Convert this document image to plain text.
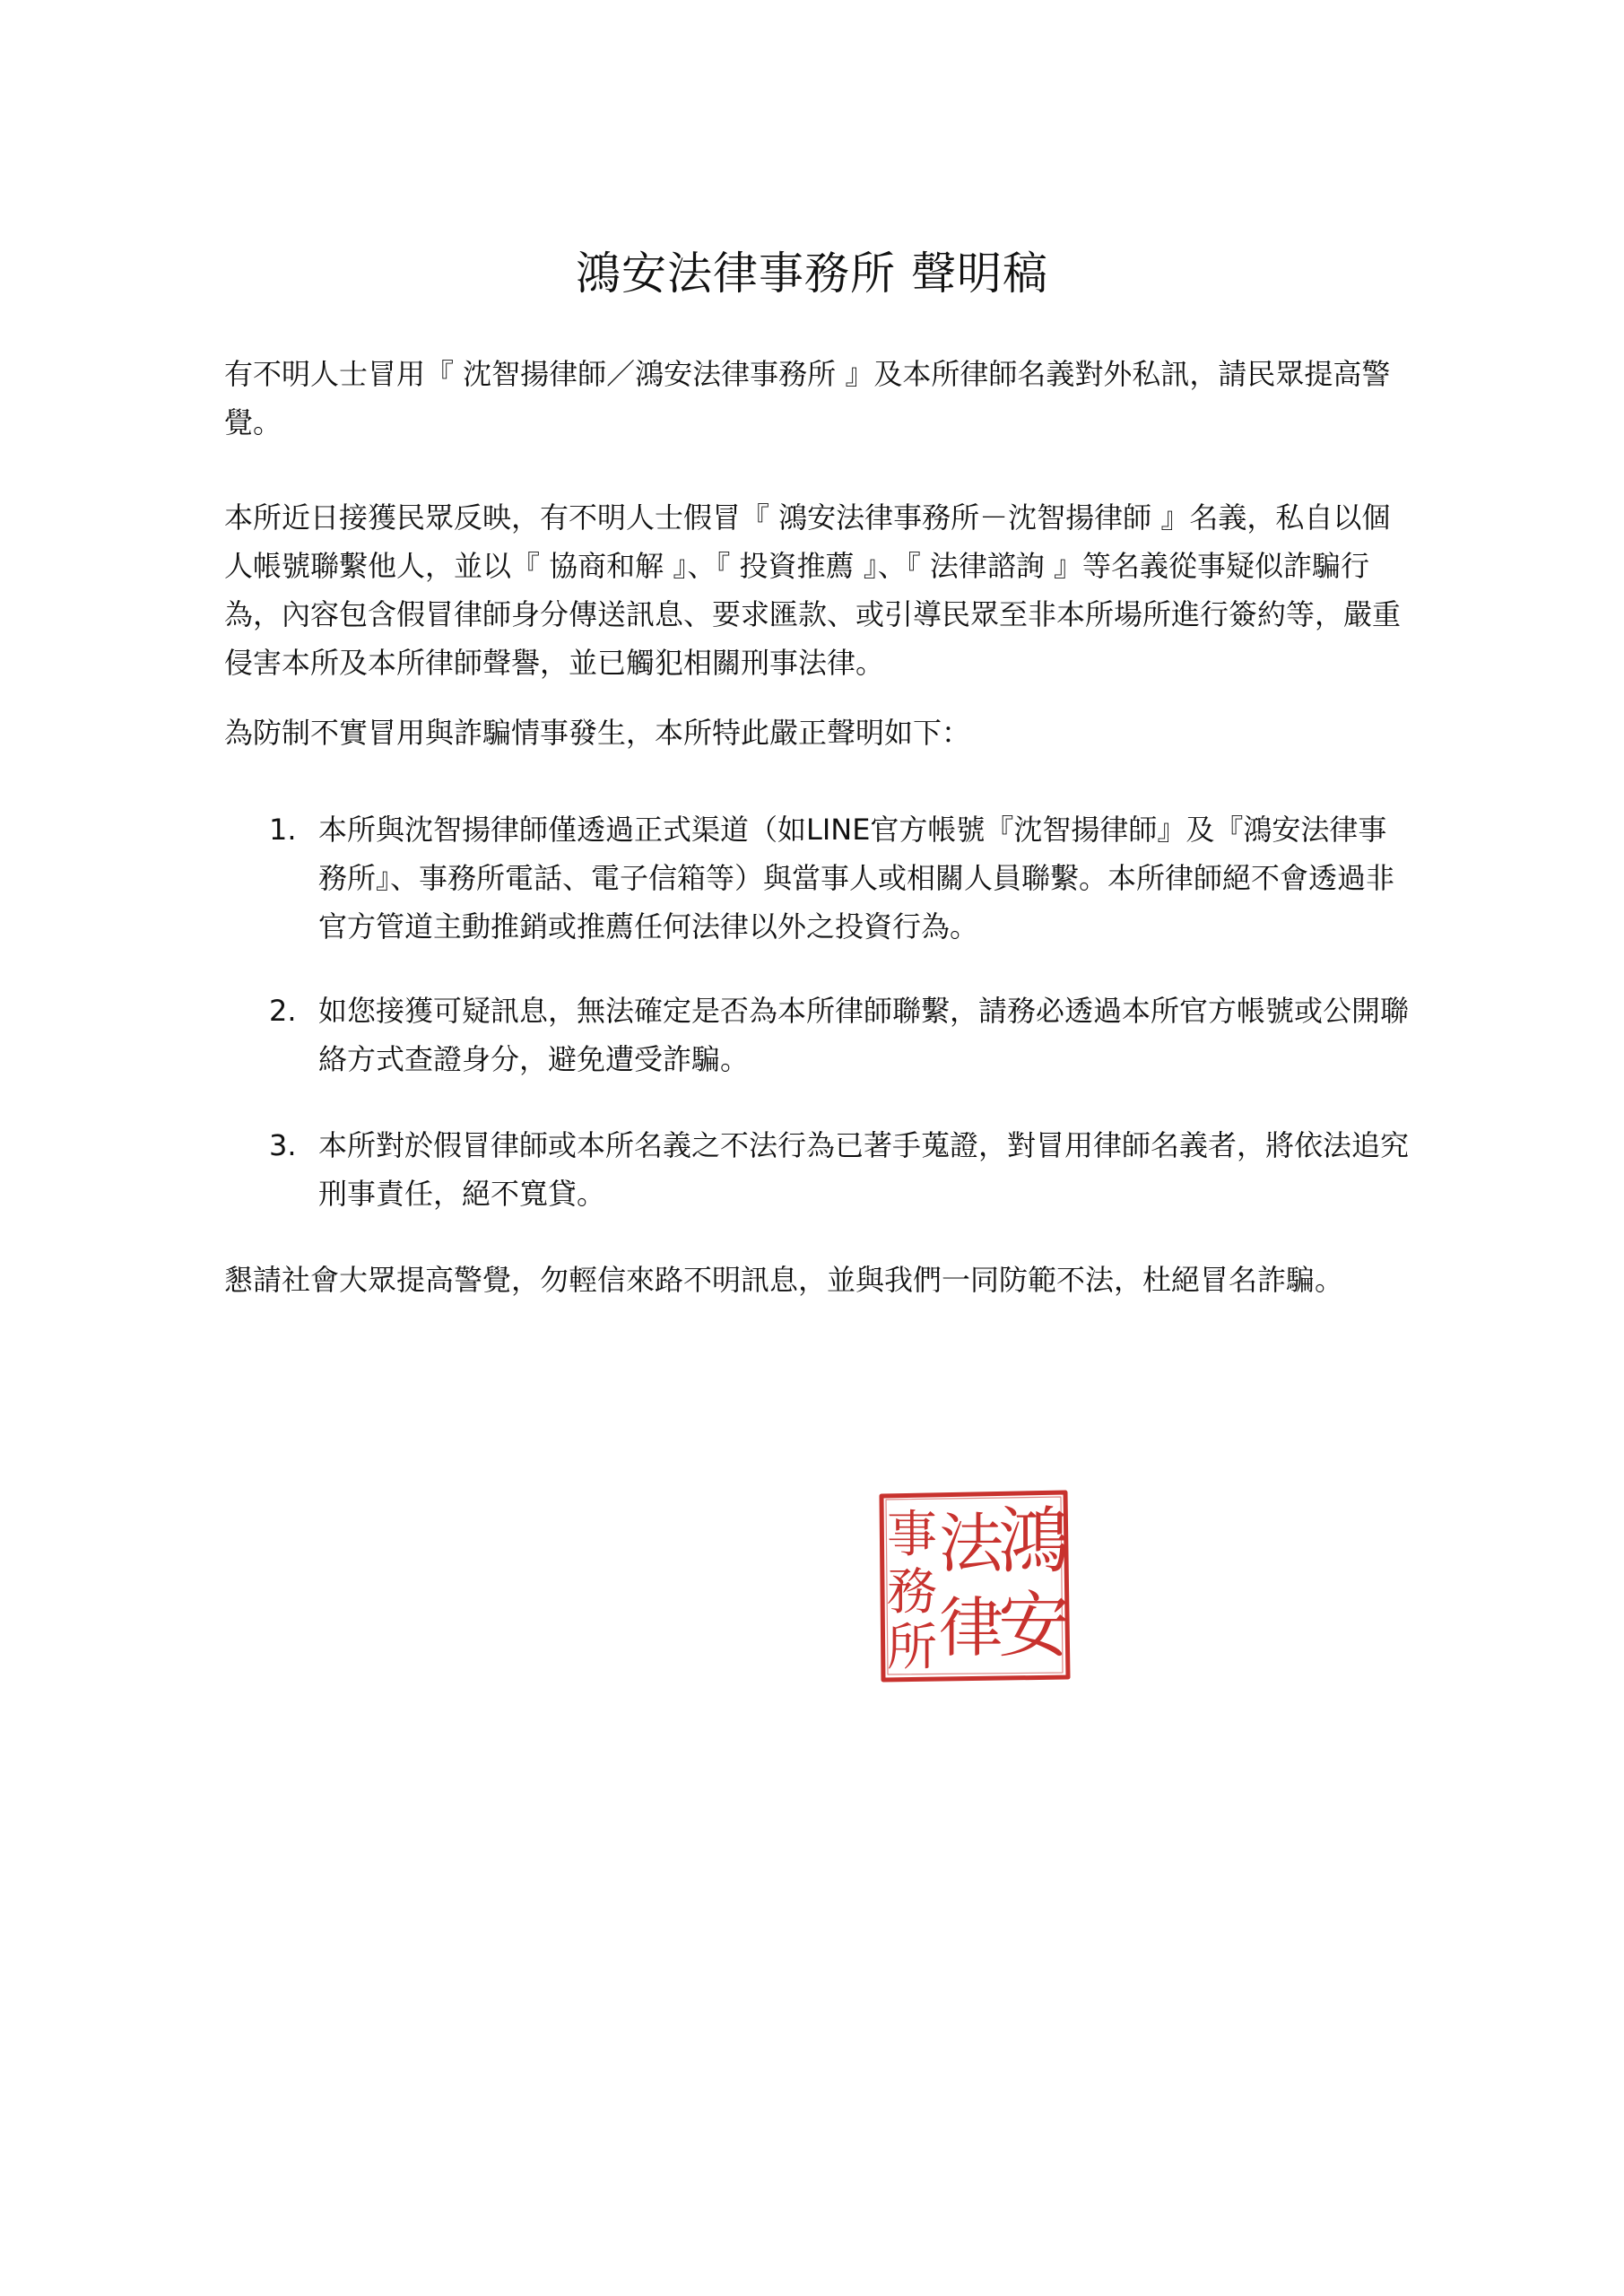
鴻安法律事務所 聲明稿

有不明人士冒用『 沈智揚律師／鴻安法律事務所 』及本所律師名義對外私訊，請民眾提高警覺。

本所近日接獲民眾反映，有不明人士假冒『 鴻安法律事務所－沈智揚律師 』名義，私自以個人帳號聯繫他人，並以『 協商和解 』、『 投資推薦 』、『 法律諮詢 』等名義從事疑似詐騙行為，內容包含假冒律師身分傳送訊息、要求匯款、或引導民眾至非本所場所進行簽約等，嚴重侵害本所及本所律師聲譽，並已觸犯相關刑事法律。

為防制不實冒用與詐騙情事發生，本所特此嚴正聲明如下：

1. 本所與沈智揚律師僅透過正式渠道（如LINE官方帳號『沈智揚律師』及『鴻安法律事務所』、事務所電話、電子信箱等）與當事人或相關人員聯繫。本所律師絕不會透過非官方管道主動推銷或推薦任何法律以外之投資行為。
2. 如您接獲可疑訊息，無法確定是否為本所律師聯繫，請務必透過本所官方帳號或公開聯絡方式查證身分，避免遭受詐騙。
3. 本所對於假冒律師或本所名義之不法行為已著手蒐證，對冒用律師名義者，將依法追究刑事責任，絕不寬貸。

懇請社會大眾提高警覺，勿輕信來路不明訊息，並與我們一同防範不法，杜絕冒名詐騙。

鴻
安
法
律
事
務
所
